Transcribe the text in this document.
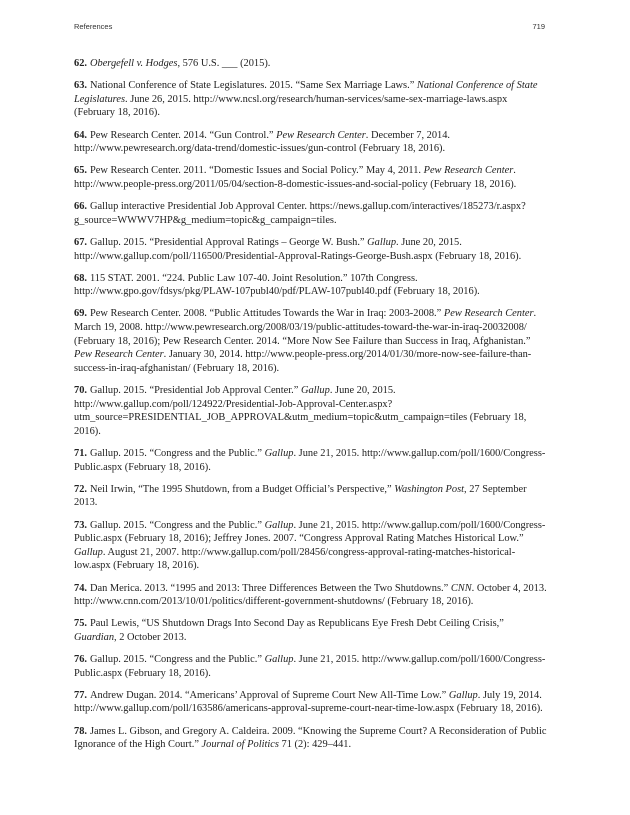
References	719
62. Obergefell v. Hodges, 576 U.S. ___ (2015).
63. National Conference of State Legislatures. 2015. “Same Sex Marriage Laws.” National Conference of State Legislatures. June 26, 2015. http://www.ncsl.org/research/human-services/same-sex-marriage-laws.aspx (February 18, 2016).
64. Pew Research Center. 2014. “Gun Control.” Pew Research Center. December 7, 2014. http://www.pewresearch.org/data-trend/domestic-issues/gun-control (February 18, 2016).
65. Pew Research Center. 2011. “Domestic Issues and Social Policy.” May 4, 2011. Pew Research Center. http://www.people-press.org/2011/05/04/section-8-domestic-issues-and-social-policy (February 18, 2016).
66. Gallup interactive Presidential Job Approval Center. https://news.gallup.com/interactives/185273/r.aspx?g_source=WWWV7HP&g_medium=topic&g_campaign=tiles.
67. Gallup. 2015. “Presidential Approval Ratings – George W. Bush.” Gallup. June 20, 2015. http://www.gallup.com/poll/116500/Presidential-Approval-Ratings-George-Bush.aspx (February 18, 2016).
68. 115 STAT. 2001. “224. Public Law 107-40. Joint Resolution.” 107th Congress. http://www.gpo.gov/fdsys/pkg/PLAW-107publ40/pdf/PLAW-107publ40.pdf (February 18, 2016).
69. Pew Research Center. 2008. “Public Attitudes Towards the War in Iraq: 2003-2008.” Pew Research Center. March 19, 2008. http://www.pewresearch.org/2008/03/19/public-attitudes-toward-the-war-in-iraq-20032008/ (February 18, 2016); Pew Research Center. 2014. “More Now See Failure than Success in Iraq, Afghanistan.” Pew Research Center. January 30, 2014. http://www.people-press.org/2014/01/30/more-now-see-failure-than-success-in-iraq-afghanistan/ (February 18, 2016).
70. Gallup. 2015. “Presidential Job Approval Center.” Gallup. June 20, 2015. http://www.gallup.com/poll/124922/Presidential-Job-Approval-Center.aspx?utm_source=PRESIDENTIAL_JOB_APPROVAL&utm_medium=topic&utm_campaign=tiles (February 18, 2016).
71. Gallup. 2015. “Congress and the Public.” Gallup. June 21, 2015. http://www.gallup.com/poll/1600/Congress-Public.aspx (February 18, 2016).
72. Neil Irwin, “The 1995 Shutdown, from a Budget Official’s Perspective,” Washington Post, 27 September 2013.
73. Gallup. 2015. “Congress and the Public.” Gallup. June 21, 2015. http://www.gallup.com/poll/1600/Congress-Public.aspx (February 18, 2016); Jeffrey Jones. 2007. “Congress Approval Rating Matches Historical Low.” Gallup. August 21, 2007. http://www.gallup.com/poll/28456/congress-approval-rating-matches-historical-low.aspx (February 18, 2016).
74. Dan Merica. 2013. “1995 and 2013: Three Differences Between the Two Shutdowns.” CNN. October 4, 2013. http://www.cnn.com/2013/10/01/politics/different-government-shutdowns/ (February 18, 2016).
75. Paul Lewis, “US Shutdown Drags Into Second Day as Republicans Eye Fresh Debt Ceiling Crisis,” Guardian, 2 October 2013.
76. Gallup. 2015. “Congress and the Public.” Gallup. June 21, 2015. http://www.gallup.com/poll/1600/Congress-Public.aspx (February 18, 2016).
77. Andrew Dugan. 2014. “Americans’ Approval of Supreme Court New All-Time Low.” Gallup. July 19, 2014. http://www.gallup.com/poll/163586/americans-approval-supreme-court-near-time-low.aspx (February 18, 2016).
78. James L. Gibson, and Gregory A. Caldeira. 2009. “Knowing the Supreme Court? A Reconsideration of Public Ignorance of the High Court.” Journal of Politics 71 (2): 429–441.
